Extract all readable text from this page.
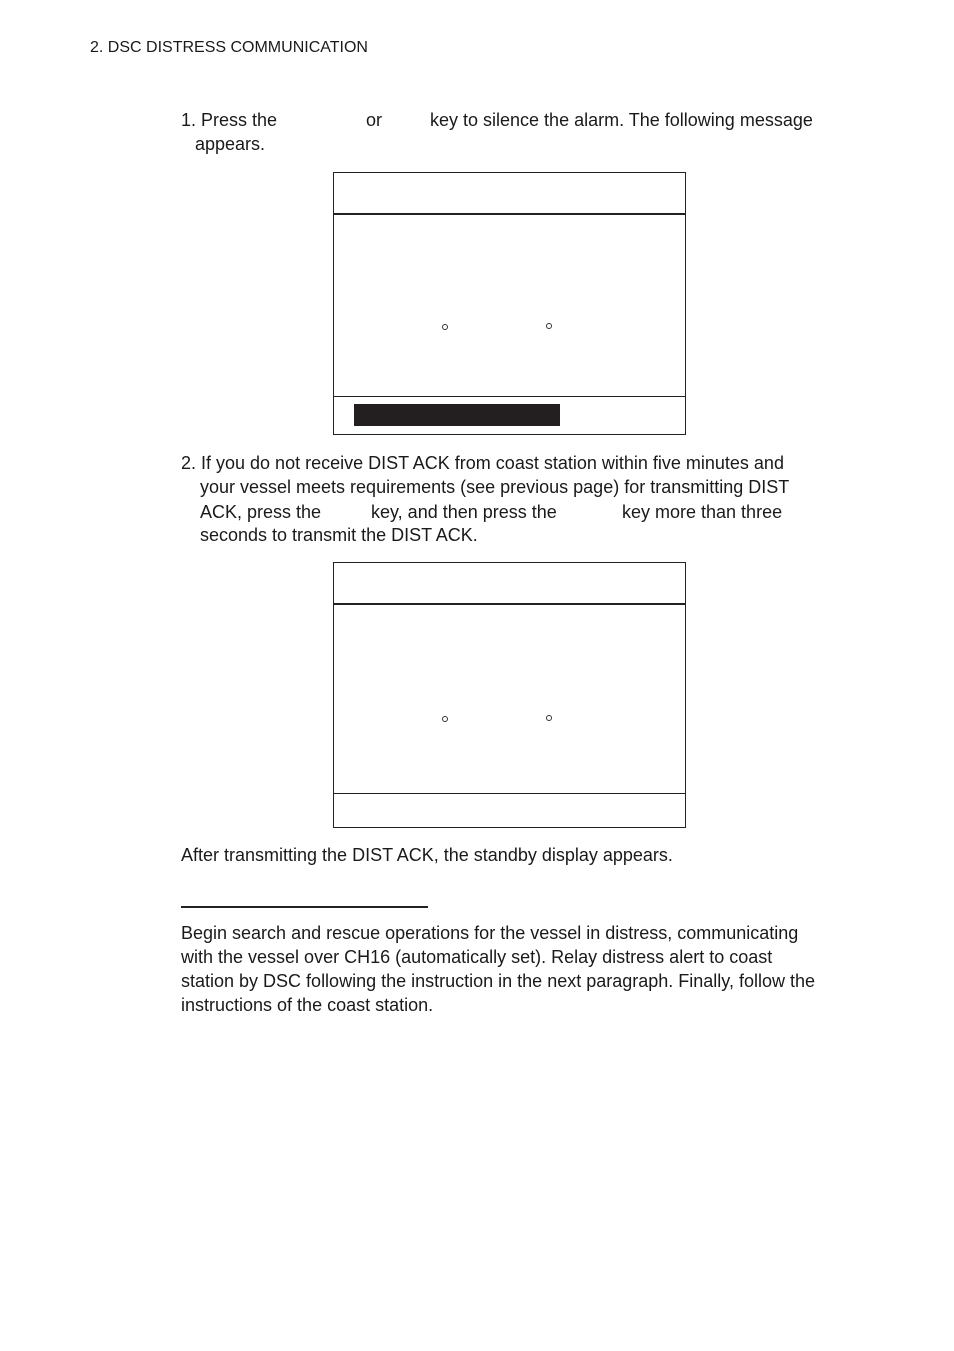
2. DSC DISTRESS COMMUNICATION
1. Press the	or	key to silence the alarm. The following message
appears.
2. If you do not receive DIST ACK from coast station within five minutes and
your vessel meets requirements (see previous page) for transmitting DIST
ACK, press the	key, and then press the	key more than three
seconds to transmit the DIST ACK.
After transmitting the DIST ACK, the standby display appears.
Begin search and rescue operations for the vessel in distress, communicating
with the vessel over CH16 (automatically set). Relay distress alert to coast
station by DSC following the instruction in the next paragraph. Finally, follow the
instructions of the coast station.
